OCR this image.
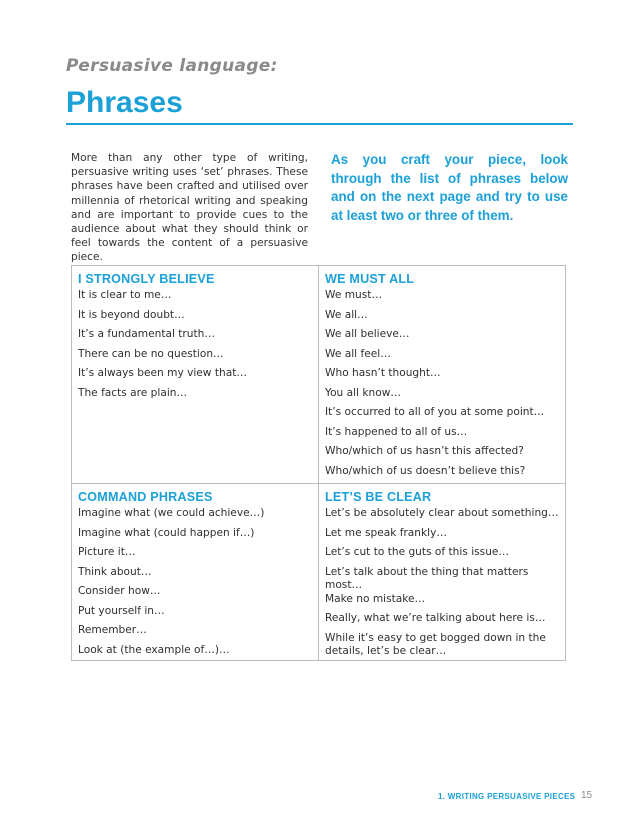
Persuasive language:
Phrases
More than any other type of writing, persuasive writing uses ‘set’ phrases. These phrases have been crafted and utilised over millennia of rhetorical writing and speaking and are important to provide cues to the audience about what they should think or feel towards the content of a persuasive piece.
As you craft your piece, look through the list of phrases below and on the next page and try to use at least two or three of them.
I STRONGLY BELIEVE
It is clear to me…
It is beyond doubt…
It’s a fundamental truth…
There can be no question…
It’s always been my view that…
The facts are plain…
WE MUST ALL
We must…
We all…
We all believe…
We all feel…
Who hasn’t thought…
You all know…
It’s occurred to all of you at some point…
It’s happened to all of us…
Who/which of us hasn’t this affected?
Who/which of us doesn’t believe this?
COMMAND PHRASES
Imagine what (we could achieve…)
Imagine what (could happen if…)
Picture it…
Think about…
Consider how…
Put yourself in…
Remember…
Look at (the example of…)…
LET’S BE CLEAR
Let’s be absolutely clear about something…
Let me speak frankly…
Let’s cut to the guts of this issue…
Let’s talk about the thing that matters most…
Make no mistake…
Really, what we’re talking about here is…
While it’s easy to get bogged down in the details, let’s be clear…
1. WRITING PERSUASIVE PIECES 15
